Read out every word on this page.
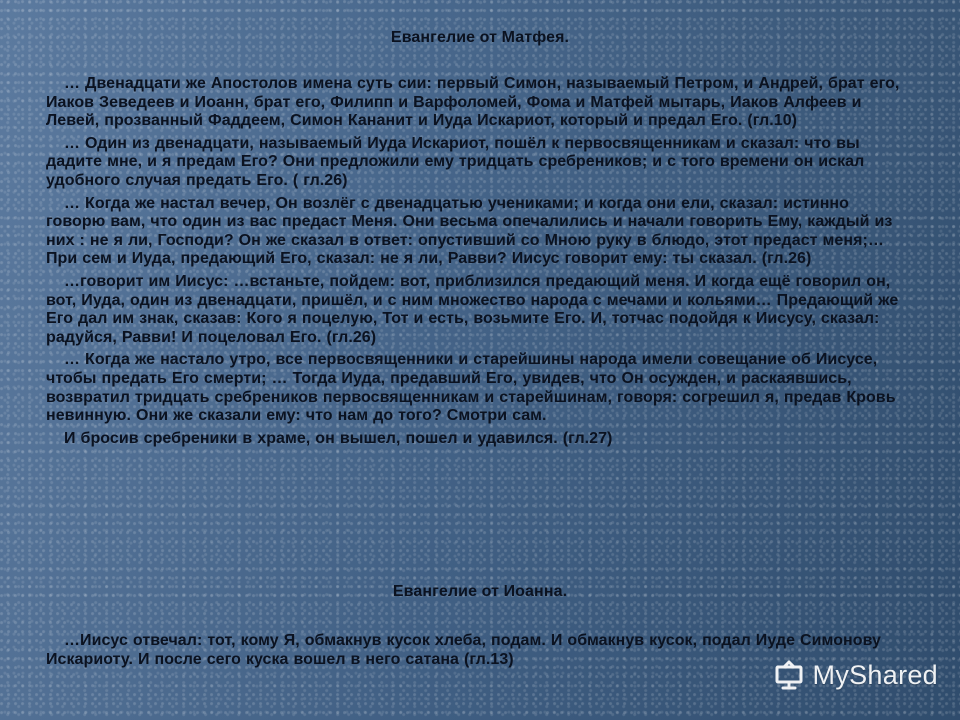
Евангелие от Матфея.

… Двенадцати же Апостолов имена суть сии: первый Симон, называемый Петром, и Андрей, брат его, Иаков Зеведеев и Иоанн, брат его, Филипп и Варфоломей, Фома и Матфей мытарь, Иаков Алфеев и Левей, прозванный Фаддеем, Симон Кананит и Иуда Искариот, который и предал Его. (гл.10)

… Один из двенадцати, называемый Иуда Искариот, пошёл к первосвященникам и сказал: что вы дадите мне, и я предам Его? Они предложили ему тридцать сребреников; и с того времени он искал удобного случая предать Его. ( гл.26)

… Когда же настал вечер, Он возлёг с двенадцатью учениками; и когда они ели, сказал: истинно говорю вам, что один из вас предаст Меня. Они весьма опечалились и начали говорить Ему, каждый из них : не я ли, Господи? Он же сказал в ответ: опустивший со Мною руку в блюдо, этот предаст меня;… При сем и Иуда, предающий Его, сказал: не я ли, Равви? Иисус говорит ему: ты сказал. (гл.26)

…говорит им Иисус: …встаньте, пойдем: вот, приблизился предающий меня. И когда ещё говорил он, вот, Иуда, один из двенадцати, пришёл, и с ним множество народа с мечами и кольями… Предающий же Его дал им знак, сказав: Кого я поцелую, Тот и есть, возьмите Его. И, тотчас подойдя к Иисусу, сказал: радуйся, Равви! И поцеловал Его. (гл.26)

… Когда же настало утро, все первосвященники и старейшины народа имели совещание об Иисусе, чтобы предать Его смерти; … Тогда Иуда, предавший Его, увидев, что Он осужден, и раскаявшись, возвратил тридцать сребреников первосвященникам и старейшинам, говоря: согрешил я, предав Кровь невинную. Они же сказали ему: что нам до того? Смотри сам.

И бросив сребреники в храме, он вышел, пошел и удавился. (гл.27)

Евангелие от Иоанна.

…Иисус отвечал: тот, кому Я, обмакнув кусок хлеба, подам. И обмакнув кусок, подал Иуде Симонову Искариоту. И после сего куска вошел в него сатана (гл.13)

MyShared
